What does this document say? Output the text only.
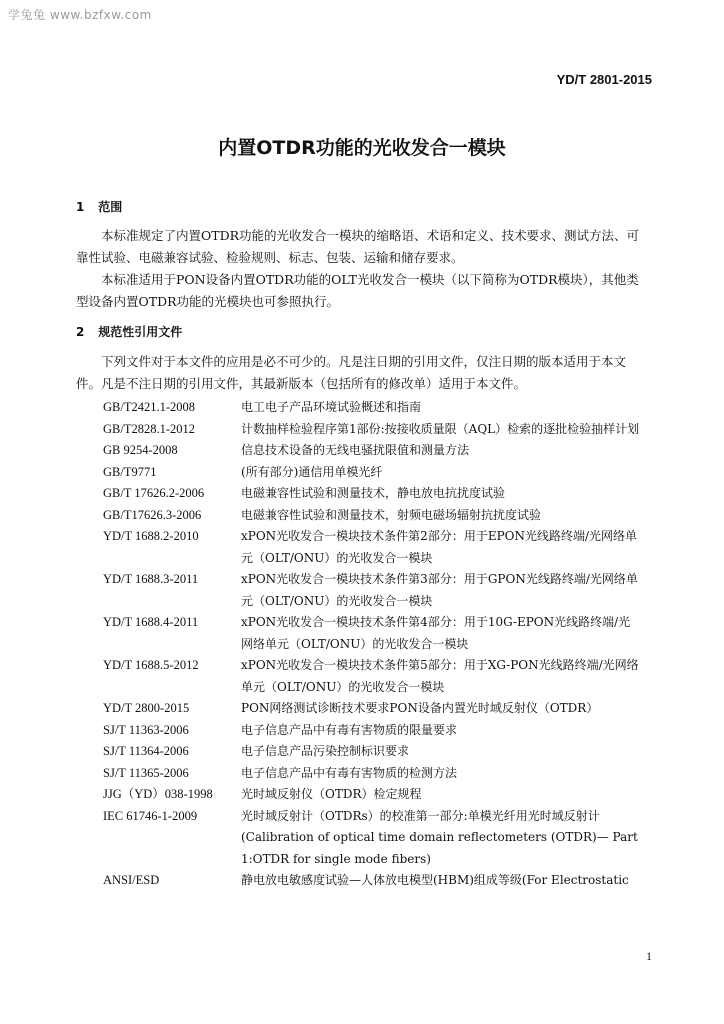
学兔兔 www.bzfxw.com
YD/T 2801-2015
内置OTDR功能的光收发合一模块
1 范围
本标准规定了内置OTDR功能的光收发合一模块的缩略语、术语和定义、技术要求、测试方法、可靠性试验、电磁兼容试验、检验规则、标志、包装、运输和储存要求。
本标准适用于PON设备内置OTDR功能的OLT光收发合一模块（以下简称为OTDR模块），其他类型设备内置OTDR功能的光模块也可参照执行。
2 规范性引用文件
下列文件对于本文件的应用是必不可少的。凡是注日期的引用文件，仅注日期的版本适用于本文件。凡是不注日期的引用文件，其最新版本（包括所有的修改单）适用于本文件。
GB/T2421.1-2008	电工电子产品环境试验概述和指南
GB/T2828.1-2012	计数抽样检验程序第1部份:按接收质量限（AQL）检索的逐批检验抽样计划
GB 9254-2008	信息技术设备的无线电骚扰限值和测量方法
GB/T9771	(所有部分)通信用单模光纤
GB/T 17626.2-2006	电磁兼容性试验和测量技术，静电放电抗扰度试验
GB/T17626.3-2006	电磁兼容性试验和测量技术，射频电磁场辐射抗扰度试验
YD/T 1688.2-2010	xPON光收发合一模块技术条件第2部分：用于EPON光线路终端/光网络单元（OLT/ONU）的光收发合一模块
YD/T 1688.3-2011	xPON光收发合一模块技术条件第3部分：用于GPON光线路终端/光网络单元（OLT/ONU）的光收发合一模块
YD/T 1688.4-2011	xPON光收发合一模块技术条件第4部分：用于10G-EPON光线路终端/光网络单元（OLT/ONU）的光收发合一模块
YD/T 1688.5-2012	xPON光收发合一模块技术条件第5部分：用于XG-PON光线路终端/光网络单元（OLT/ONU）的光收发合一模块
YD/T 2800-2015	PON网络测试诊断技术要求PON设备内置光时域反射仪（OTDR）
SJ/T 11363-2006	电子信息产品中有毒有害物质的限量要求
SJ/T 11364-2006	电子信息产品污染控制标识要求
SJ/T 11365-2006	电子信息产品中有毒有害物质的检测方法
JJG（YD）038-1998	光时域反射仪（OTDR）检定规程
IEC 61746-1-2009	光时域反射计（OTDRs）的校准第一部分:单模光纤用光时域反射计(Calibration of optical time domain reflectometers (OTDR)— Part 1:OTDR for single mode fibers)
ANSI/ESD	静电放电敏感度试验—人体放电模型(HBM)组成等级(For Electrostatic
1
